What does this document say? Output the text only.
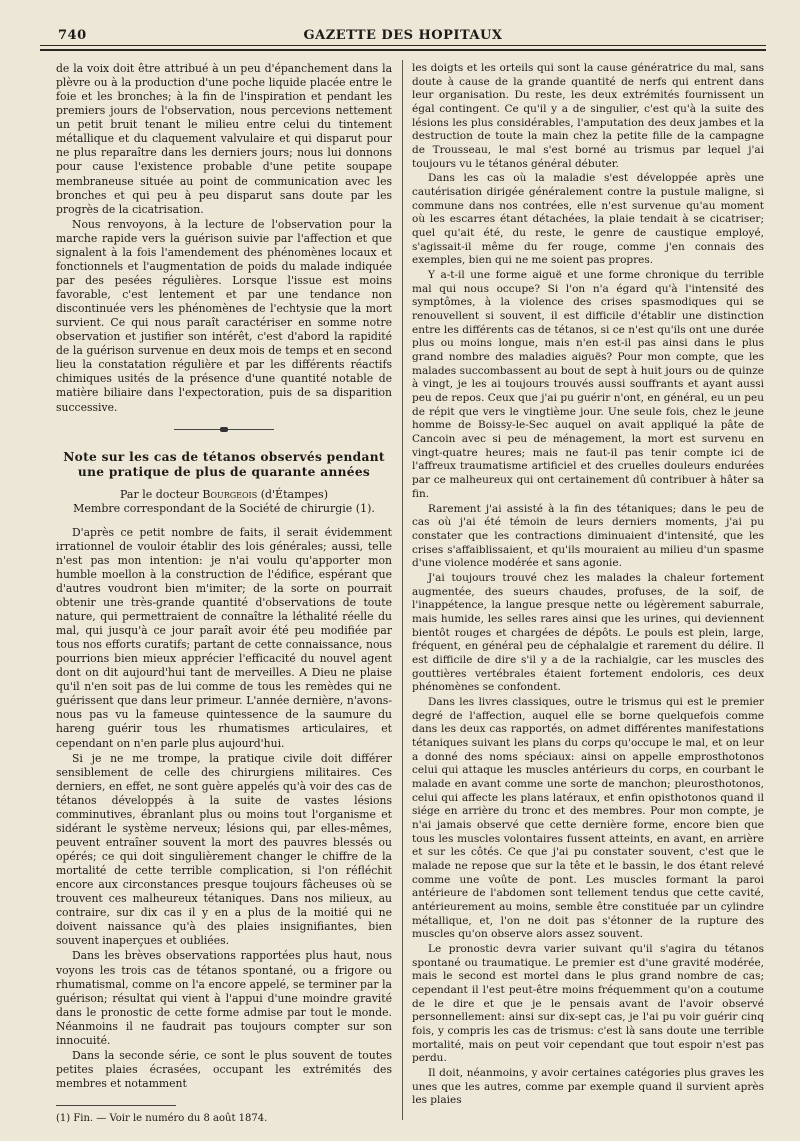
740	GAZETTE DES HOPITAUX

de la voix doit être attribué à un peu d'épanchement dans la plèvre ou à la production d'une poche liquide placée entre le foie et les bronches; à la fin de l'inspiration et pendant les premiers jours de l'observation, nous percevions nettement un petit bruit tenant le milieu entre celui du tintement métallique et du claquement valvulaire et qui disparut pour ne plus reparaître dans les derniers jours; nous lui donnons pour cause l'existence probable d'une petite soupape membraneuse située au point de communication avec les bronches et qui peu à peu disparut sans doute par les progrès de la cicatrisation.

Nous renvoyons, à la lecture de l'observation pour la marche rapide vers la guérison suivie par l'affection et que signalent à la fois l'amendement des phénomènes locaux et fonctionnels et l'augmentation de poids du malade indiquée par des pesées régulières. Lorsque l'issue est moins favorable, c'est lentement et par une tendance non discontinuée vers les phénomènes de l'echtysie que la mort survient. Ce qui nous paraît caractériser en somme notre observation et justifier son intérêt, c'est d'abord la rapidité de la guérison survenue en deux mois de temps et en second lieu la constatation régulière et par les différents réactifs chimiques usités de la présence d'une quantité notable de matière biliaire dans l'expectoration, puis de sa disparition successive.

Note sur les cas de tétanos observés pendant une pratique de plus de quarante années
Par le docteur Bourgeois (d'Étampes)
Membre correspondant de la Société de chirurgie (1).

D'après ce petit nombre de faits, il serait évidemment irrationnel de vouloir établir des lois générales; aussi, telle n'est pas mon intention: je n'ai voulu qu'apporter mon humble moellon à la construction de l'édifice, espérant que d'autres voudront bien m'imiter; de la sorte on pourrait obtenir une très-grande quantité d'observations de toute nature, qui permettraient de connaître la léthalité réelle du mal, qui jusqu'à ce jour paraît avoir été peu modifiée par tous nos efforts curatifs; partant de cette connaissance, nous pourrions bien mieux apprécier l'efficacité du nouvel agent dont on dit aujourd'hui tant de merveilles. A Dieu ne plaise qu'il n'en soit pas de lui comme de tous les remèdes qui ne guérissent que dans leur primeur. L'année dernière, n'avons-nous pas vu la fameuse quintessence de la saumure du hareng guérir tous les rhumatismes articulaires, et cependant on n'en parle plus aujourd'hui.

Si je ne me trompe, la pratique civile doit différer sensiblement de celle des chirurgiens militaires. Ces derniers, en effet, ne sont guère appelés qu'à voir des cas de tétanos développés à la suite de vastes lésions comminutives, ébranlant plus ou moins tout l'organisme et sidérant le système nerveux; lésions qui, par elles-mêmes, peuvent entraîner souvent la mort des pauvres blessés ou opérés; ce qui doit singulièrement changer le chiffre de la mortalité de cette terrible complication, si l'on réfléchit encore aux circonstances presque toujours fâcheuses où se trouvent ces malheureux tétaniques. Dans nos milieux, au contraire, sur dix cas il y en a plus de la moitié qui ne doivent naissance qu'à des plaies insignifiantes, bien souvent inaperçues et oubliées.

Dans les brèves observations rapportées plus haut, nous voyons les trois cas de tétanos spontané, ou a frigore ou rhumatismal, comme on l'a encore appelé, se terminer par la guérison; résultat qui vient à l'appui d'une moindre gravité dans le pronostic de cette forme admise par tout le monde. Néanmoins il ne faudrait pas toujours compter sur son innocuité.

Dans la seconde série, ce sont le plus souvent de toutes petites plaies écrasées, occupant les extrémités des membres et notamment

(1) Fin. — Voir le numéro du 8 août 1874.

les doigts et les orteils qui sont la cause génératrice du mal, sans doute à cause de la grande quantité de nerfs qui entrent dans leur organisation. Du reste, les deux extrémités fournissent un égal contingent. Ce qu'il y a de singulier, c'est qu'à la suite des lésions les plus considérables, l'amputation des deux jambes et la destruction de toute la main chez la petite fille de la campagne de Trousseau, le mal s'est borné au trismus par lequel j'ai toujours vu le tétanos général débuter.

Dans les cas où la maladie s'est développée après une cautérisation dirigée généralement contre la pustule maligne, si commune dans nos contrées, elle n'est survenue qu'au moment où les escarres étant détachées, la plaie tendait à se cicatriser; quel qu'ait été, du reste, le genre de caustique employé, s'agissait-il même du fer rouge, comme j'en connais des exemples, bien qui ne me soient pas propres.

Y a-t-il une forme aiguë et une forme chronique du terrible mal qui nous occupe? Si l'on n'a égard qu'à l'intensité des symptômes, à la violence des crises spasmodiques qui se renouvellent si souvent, il est difficile d'établir une distinction entre les différents cas de tétanos, si ce n'est qu'ils ont une durée plus ou moins longue, mais n'en est-il pas ainsi dans le plus grand nombre des maladies aiguës? Pour mon compte, que les malades succombassent au bout de sept à huit jours ou de quinze à vingt, je les ai toujours trouvés aussi souffrants et ayant aussi peu de repos. Ceux que j'ai pu guérir n'ont, en général, eu un peu de répit que vers le vingtième jour. Une seule fois, chez le jeune homme de Boissy-le-Sec auquel on avait appliqué la pâte de Cancoin avec si peu de ménagement, la mort est survenu en vingt-quatre heures; mais ne faut-il pas tenir compte ici de l'affreux traumatisme artificiel et des cruelles douleurs endurées par ce malheureux qui ont certainement dû contribuer à hâter sa fin.

Rarement j'ai assisté à la fin des tétaniques; dans le peu de cas où j'ai été témoin de leurs derniers moments, j'ai pu constater que les contractions diminuaient d'intensité, que les crises s'affaiblissaient, et qu'ils mouraient au milieu d'un spasme d'une violence modérée et sans agonie.

J'ai toujours trouvé chez les malades la chaleur fortement augmentée, des sueurs chaudes, profuses, de la soif, de l'inappétence, la langue presque nette ou légèrement saburrale, mais humide, les selles rares ainsi que les urines, qui deviennent bientôt rouges et chargées de dépôts. Le pouls est plein, large, fréquent, en général peu de céphalalgie et rarement du délire. Il est difficile de dire s'il y a de la rachialgie, car les muscles des gouttières vertébrales étaient fortement endoloris, ces deux phénomènes se confondent.

Dans les livres classiques, outre le trismus qui est le premier degré de l'affection, auquel elle se borne quelquefois comme dans les deux cas rapportés, on admet différentes manifestations tétaniques suivant les plans du corps qu'occupe le mal, et on leur a donné des noms spéciaux: ainsi on appelle emprosthotonos celui qui attaque les muscles antérieurs du corps, en courbant le malade en avant comme une sorte de manchon; pleurosthotonos, celui qui affecte les plans latéraux, et enfin opisthotonos quand il siége en arrière du tronc et des membres. Pour mon compte, je n'ai jamais observé que cette dernière forme, encore bien que tous les muscles volontaires fussent atteints, en avant, en arrière et sur les côtés. Ce que j'ai pu constater souvent, c'est que le malade ne repose que sur la tête et le bassin, le dos étant relevé comme une voûte de pont. Les muscles formant la paroi antérieure de l'abdomen sont tellement tendus que cette cavité, antérieurement au moins, semble être constituée par un cylindre métallique, et, l'on ne doit pas s'étonner de la rupture des muscles qu'on observe alors assez souvent.

Le pronostic devra varier suivant qu'il s'agira du tétanos spontané ou traumatique. Le premier est d'une gravité modérée, mais le second est mortel dans le plus grand nombre de cas; cependant il l'est peut-être moins fréquemment qu'on a coutume de le dire et que je le pensais avant de l'avoir observé personnellement: ainsi sur dix-sept cas, je l'ai pu voir guérir cinq fois, y compris les cas de trismus: c'est là sans doute une terrible mortalité, mais on peut voir cependant que tout espoir n'est pas perdu.

Il doit, néanmoins, y avoir certaines catégories plus graves les unes que les autres, comme par exemple quand il survient après les plaies
